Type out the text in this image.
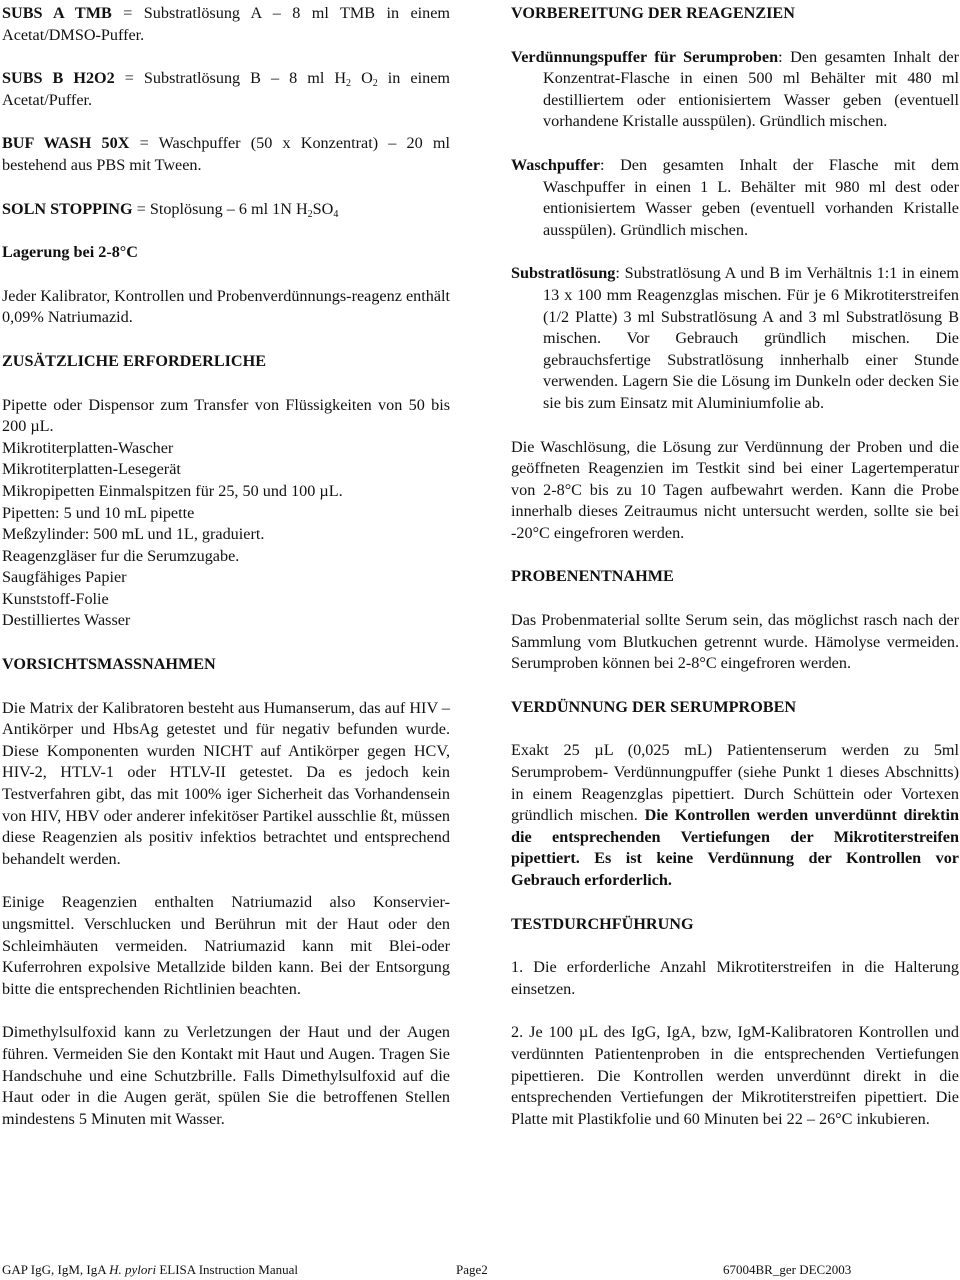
SUBS A TMB = Substratlösung A – 8 ml TMB in einem Acetat/DMSO-Puffer.

SUBS B H2O2 = Substratlösung B – 8 ml $H_2$ $O_2$ in einem Acetat/Puffer.

BUF WASH 50X = Waschpuffer (50 x Konzentrat) – 20 ml bestehend aus PBS mit Tween.

SOLN STOPPING = Stoplösung – 6 ml 1N $H_2SO_4$

Lagerung bei 2-8°C

Jeder Kalibrator, Kontrollen und Probenverdünnungs-reagenz enthält 0,09% Natriumazid.

ZUSÄTZLICHE ERFORDERLICHE

Pipette oder Dispensor zum Transfer von Flüssigkeiten von 50 bis 200 µL.

Mikrotiterplatten-Wascher

Mikrotiterplatten-Lesegerät

Mikropipetten Einmalspitzen für 25, 50 und 100 µL.

Pipetten: 5 und 10 mL pipette

Meßzylinder: 500 mL und 1L, graduiert.

Reagenzgläser fur die Serumzugabe.

Saugfähiges Papier

Kunststoff-Folie

Destilliertes Wasser

VORSICHTSMASSNAHMEN

Die Matrix der Kalibratoren besteht aus Humanserum, das auf HIV – Antikörper und HbsAg getestet und für negativ befunden wurde. Diese Komponenten wurden NICHT auf Antikörper gegen HCV, HIV-2, HTLV-1 oder HTLV-II getestet. Da es jedoch kein Testverfahren gibt, das mit 100% iger Sicherheit das Vorhandensein von HIV, HBV oder anderer infekitöser Partikel ausschlie ßt, müssen diese Reagenzien als positiv infektios betrachtet und entsprechend behandelt werden.

Einige Reagenzien enthalten Natriumazid also Konservier-ungsmittel. Verschlucken und Berührun mit der Haut oder den Schleimhäuten vermeiden. Natriumazid kann mit Blei-oder Kuferrohren expolsive Metallzide bilden kann. Bei der Entsorgung bitte die entsprechenden Richtlinien beachten.

Dimethylsulfoxid kann zu Verletzungen der Haut und der Augen führen. Vermeiden Sie den Kontakt mit Haut und Augen. Tragen Sie Handschuhe und eine Schutzbrille. Falls Dimethylsulfoxid auf die Haut oder in die Augen gerät, spülen Sie die betroffenen Stellen mindestens 5 Minuten mit Wasser.

VORBEREITUNG DER REAGENZIEN

Verdünnungspuffer für Serumproben: Den gesamten Inhalt der Konzentrat-Flasche in einen 500 ml Behälter mit 480 ml destilliertem oder entionisiertem Wasser geben (eventuell vorhandene Kristalle ausspülen). Gründlich mischen.

Waschpuffer: Den gesamten Inhalt der Flasche mit dem Waschpuffer in einen 1 L. Behälter mit 980 ml dest oder entionisiertem Wasser geben (eventuell vorhanden Kristalle ausspülen). Gründlich mischen.

Substratlösung: Substratlösung A und B im Verhältnis 1:1 in einem 13 x 100 mm Reagenzglas mischen. Für je 6 Mikrotiterstreifen (1/2 Platte) 3 ml Substratlösung A and 3 ml Substratlösung B mischen. Vor Gebrauch gründlich mischen. Die gebrauchsfertige Substratlösung innherhalb einer Stunde verwenden. Lagern Sie die Lösung im Dunkeln oder decken Sie sie bis zum Einsatz mit Aluminiumfolie ab.

Die Waschlösung, die Lösung zur Verdünnung der Proben und die geöffneten Reagenzien im Testkit sind bei einer Lagertemperatur von 2-8°C bis zu 10 Tagen aufbewahrt werden. Kann die Probe innerhalb dieses Zeitraumus nicht untersucht werden, sollte sie bei -20°C eingefroren werden.

PROBENENTNAHME

Das Probenmaterial sollte Serum sein, das möglichst rasch nach der Sammlung vom Blutkuchen getrennt wurde. Hämolyse vermeiden. Serumproben können bei 2-8°C eingefroren werden.

VERDÜNNUNG DER SERUMPROBEN

Exakt 25 µL (0,025 mL) Patientenserum werden zu 5ml Serumprobem- Verdünnungpuffer (siehe Punkt 1 dieses Abschnitts) in einem Reagenzglas pipettiert. Durch Schüttein oder Vortexen gründlich mischen. Die Kontrollen werden unverdünnt direktin die entsprechenden Vertiefungen der Mikrotiterstreifen pipettiert. Es ist keine Verdünnung der Kontrollen vor Gebrauch erforderlich.

TESTDURCHFÜHRUNG

1. Die erforderliche Anzahl Mikrotiterstreifen in die Halterung einsetzen.

2. Je 100 µL des IgG, IgA, bzw, IgM-Kalibratoren Kontrollen und verdünnten Patientenproben in die entsprechenden Vertiefungen pipettieren. Die Kontrollen werden unverdünnt direkt in die entsprechenden Vertiefungen der Mikrotiterstreifen pipettiert. Die Platte mit Plastikfolie und 60 Minuten bei 22 – 26°C inkubieren.

GAP IgG, IgM, IgA H. pylori ELISA Instruction Manual	Page2	67004BR_ger DEC2003
